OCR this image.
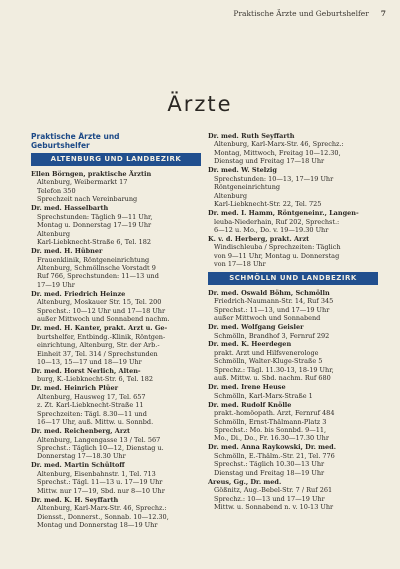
Praktische Ärzte und Geburtshelfer 7
Ärzte
Praktische Ärzte und
Geburtshelfer
ALTENBURG UND LANDBEZIRK
Ellen Börngen, praktische Ärztin
Altenburg, Weibermarkt 17
Telefon 350
Sprechzeit nach Vereinbarung
Dr. med. Hasselbarth
Sprechstunden: Täglich 9—11 Uhr,
Montag u. Donnerstag 17—19 Uhr
Altenburg
Karl-Liebknecht-Straße 6, Tel. 182
Dr. med. H. Hübner
Frauenklinik, Röntgeneinrichtung
Altenburg, Schmöllnsche Vorstadt 9
Ruf 766, Sprechstunden: 11—13 und
17—19 Uhr
Dr. med. Friedrich Heinze
Altenburg, Moskauer Str. 15, Tel. 200
Sprechst.: 10—12 Uhr und 17—18 Uhr
außer Mittwoch und Sonnabend nachm.
Dr. med. H. Kanter, prakt. Arzt u. Ge-
burtshelfer, Entbindg.-Klinik, Röntgen-
einrichtung, Altenburg, Str. der Arb.-
Einheit 37, Tel. 314 / Sprechstunden
10—13, 15—17 und 18—19 Uhr
Dr. med. Horst Nerlich, Alten-
burg, K.-Liebknecht-Str. 6, Tel. 182
Dr. med. Heinrich Plüer
Altenburg, Hausweg 17, Tel. 657
z. Zt. Karl-Liebknecht-Straße 11
Sprechzeiten: Tägl. 8.30—11 und
16—17 Uhr, auß. Mittw. u. Sonnbd.
Dr. med. Reichenberg, Arzt
Altenburg, Langengasse 13 / Tel. 567
Sprechst.: Täglich 10—12, Dienstag u.
Donnerstag 17—18.30 Uhr
Dr. med. Martin Schültoff
Altenburg, Eisenbahnstr. 1, Tel. 713
Sprechst.: Tägl. 11—13 u. 17—19 Uhr
Mittw. nur 17—19, Sbd. nur 8—10 Uhr
Dr. med. K. H. Seyffarth
Altenburg, Karl-Marx-Str. 46, Sprechz.:
Diensst., Donnerst., Sonnab. 10—12.30,
Montag und Donnerstag 18—19 Uhr
Dr. med. Ruth Seyffarth
Altenburg, Karl-Marx-Str. 46, Sprechz.:
Montag, Mittwoch, Freitag 10—12.30,
Dienstag und Freitag 17—18 Uhr
Dr. med. W. Stelzig
Sprechstunden: 10—13, 17—19 Uhr
Röntgeneinrichtung
Altenburg
Karl-Liebknecht-Str. 22, Tel. 725
Dr. med. I. Hamm, Röntgeneinr., Langen-
leuba-Niederhain, Ruf 202, Sprechst.:
6—12 u. Mo., Do. v. 19—19.30 Uhr
K. v. d. Herberg, prakt. Arzt
Windischleuba / Sprechzeiten: Täglich
von 9—11 Uhr, Montag u. Donnerstag
von 17—18 Uhr
SCHMÖLLN UND LANDBEZIRK
Dr. med. Oswald Böhm, Schmölln
Friedrich-Naumann-Str. 14, Ruf 345
Sprechst.: 11—13, und 17—19 Uhr
außer Mittwoch und Sonnabend
Dr. med. Wolfgang Geisler
Schmölln, Brandhof 3, Fernruf 292
Dr. med. K. Heerdegen
prakt. Arzt und Hilfsvenerologe
Schmölln, Walter-Kluge-Straße 5
Sprechz.: Tägl. 11.30-13, 18-19 Uhr,
auß. Mittw. u. Sbd. nachm. Ruf 680
Dr. med. Irene Heuse
Schmölln, Karl-Marx-Straße 1
Dr. med. Rudolf Knölle
prakt.-homöopath. Arzt, Fernruf 484
Schmölln, Ernst-Thälmann-Platz 3
Sprechst.: Mo. bis Sonnbd. 9—11,
Mo., Di., Do., Fr. 16.30—17.30 Uhr
Dr. med. Anna Raykowski, Dr. med.
Schmölln, E.-Thälm.-Str. 21, Tel. 776
Sprechst.: Täglich 10.30—13 Uhr
Dienstag und Freitag 18—19 Uhr
Areus, Gg., Dr. med.
Gößnitz, Aug.-Bebel-Str. 7 / Ruf 261
Sprechz.: 10—13 und 17—19 Uhr
Mittw. u. Sonnabend n. v. 10-13 Uhr
